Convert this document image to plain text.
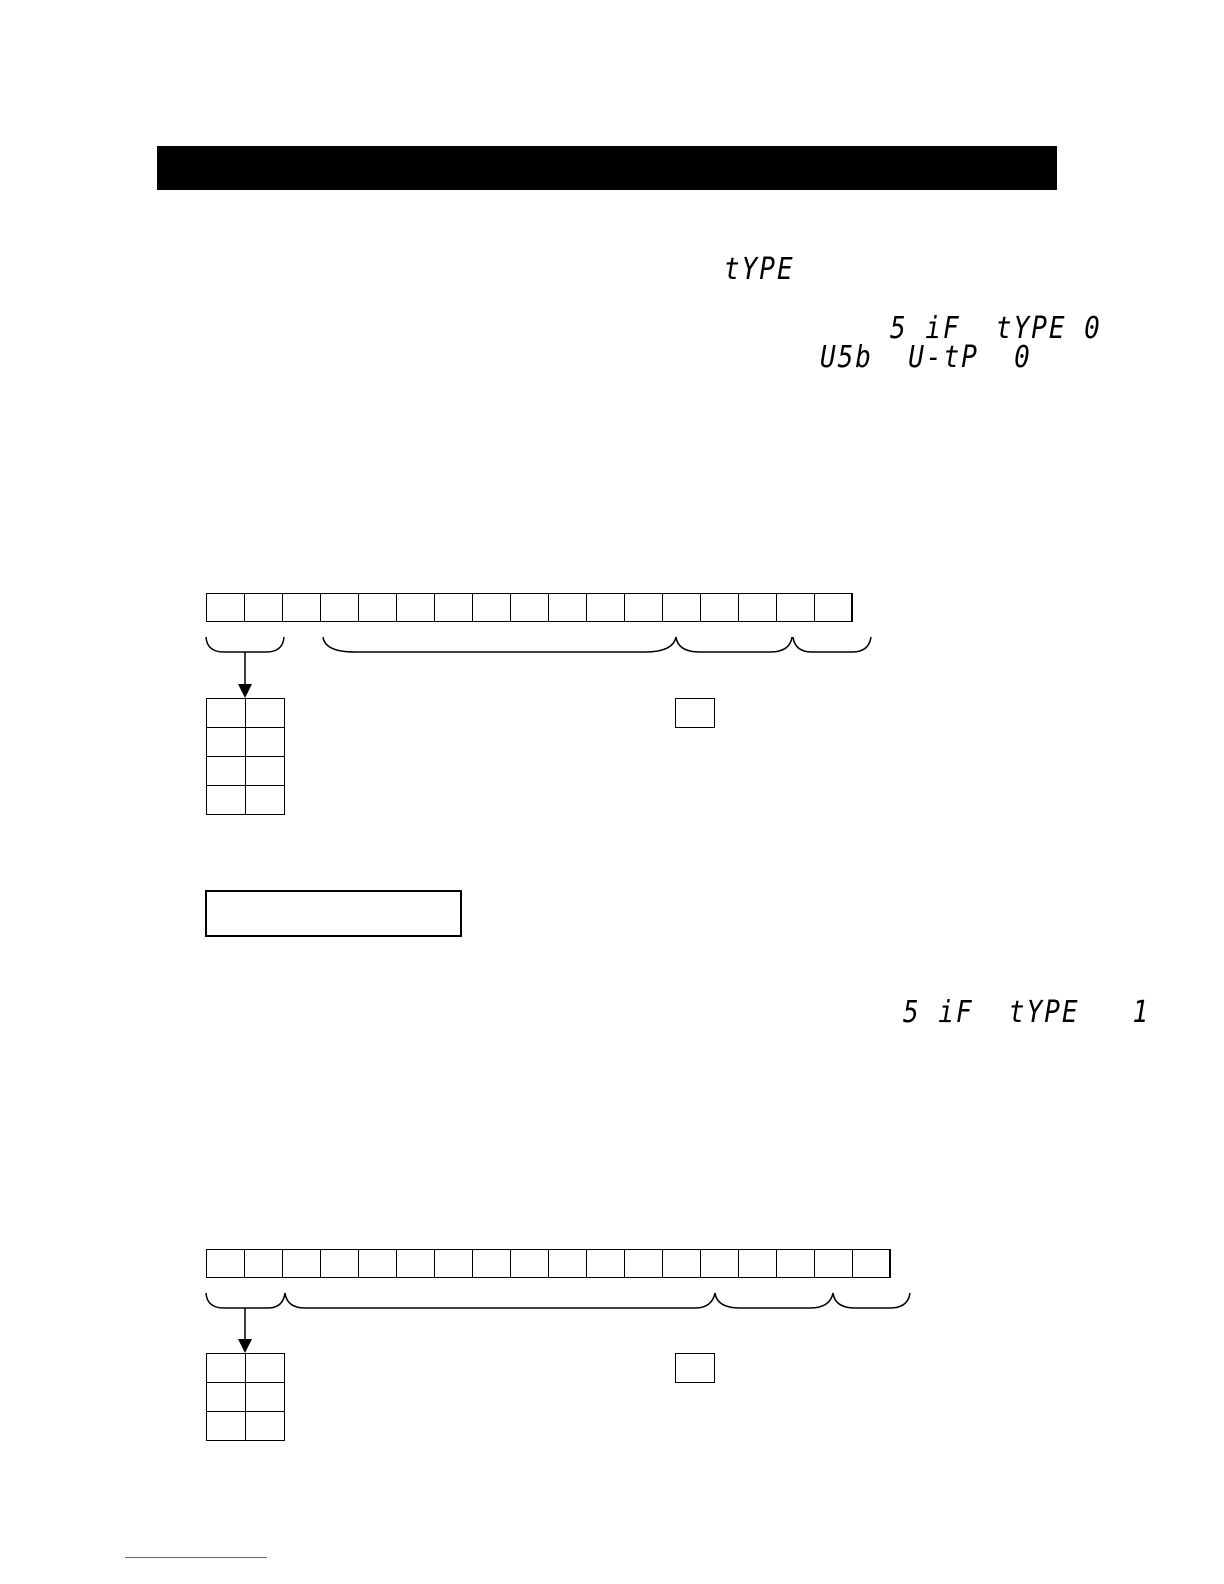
tYPE
5 iF  tYPE 0
U5b  U-tP  0
5 iF  tYPE   1
